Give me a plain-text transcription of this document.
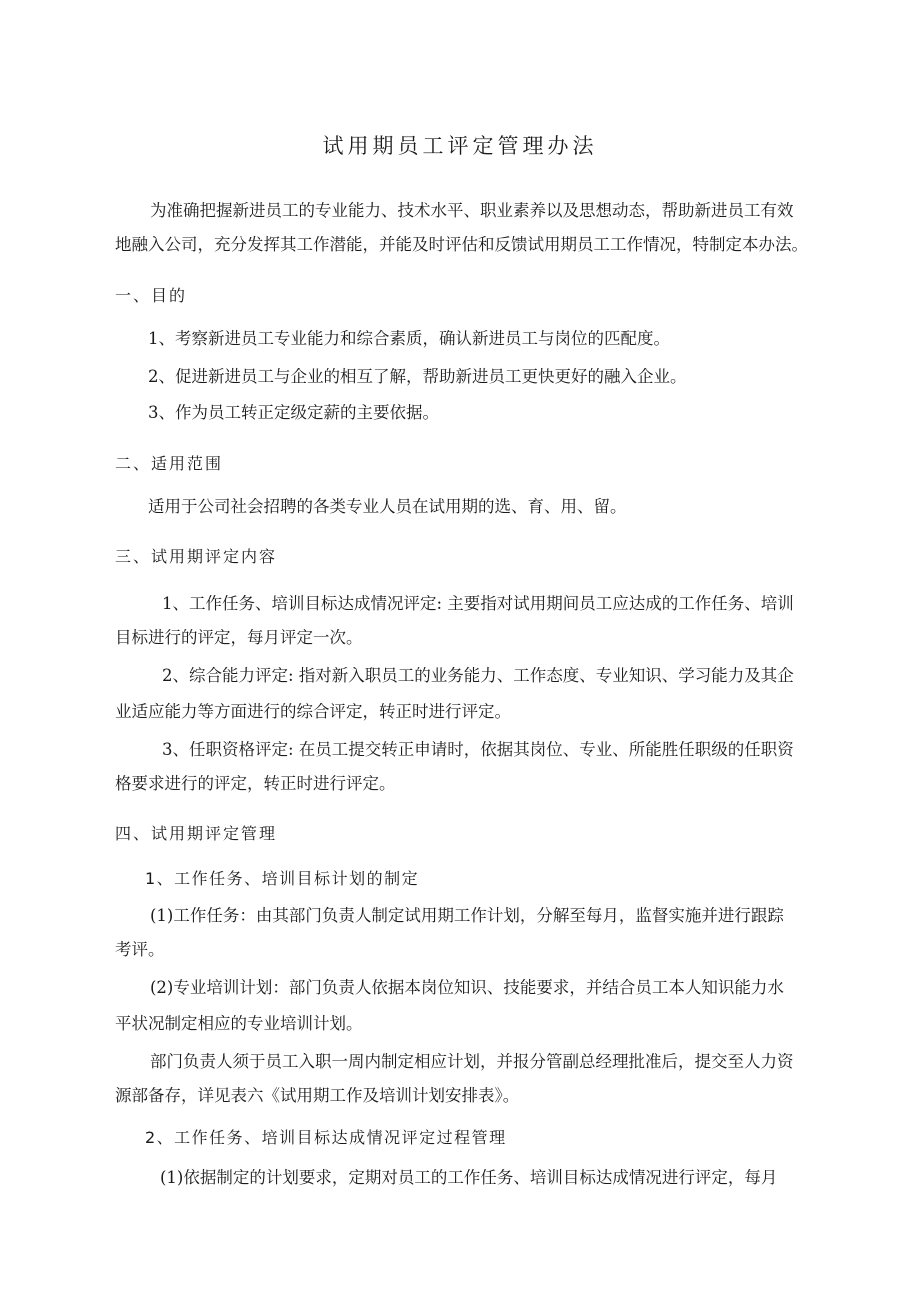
试用期员工评定管理办法
为准确把握新进员工的专业能力、技术水平、职业素养以及思想动态，帮助新进员工有效
地融入公司，充分发挥其工作潜能，并能及时评估和反馈试用期员工工作情况，特制定本办法。
一、目的
1、考察新进员工专业能力和综合素质，确认新进员工与岗位的匹配度。
2、促进新进员工与企业的相互了解，帮助新进员工更快更好的融入企业。
3、作为员工转正定级定薪的主要依据。
二、适用范围
适用于公司社会招聘的各类专业人员在试用期的选、育、用、留。
三、试用期评定内容
1、工作任务、培训目标达成情况评定: 主要指对试用期间员工应达成的工作任务、培训
目标进行的评定，每月评定一次。
2、综合能力评定: 指对新入职员工的业务能力、工作态度、专业知识、学习能力及其企
业适应能力等方面进行的综合评定，转正时进行评定。
3、任职资格评定: 在员工提交转正申请时，依据其岗位、专业、所能胜任职级的任职资
格要求进行的评定，转正时进行评定。
四、试用期评定管理
1、工作任务、培训目标计划的制定
(1)工作任务：由其部门负责人制定试用期工作计划，分解至每月，监督实施并进行跟踪
考评。
(2)专业培训计划：部门负责人依据本岗位知识、技能要求，并结合员工本人知识能力水
平状况制定相应的专业培训计划。
部门负责人须于员工入职一周内制定相应计划，并报分管副总经理批准后，提交至人力资
源部备存，详见表六《试用期工作及培训计划安排表》。
2、工作任务、培训目标达成情况评定过程管理
(1)依据制定的计划要求，定期对员工的工作任务、培训目标达成情况进行评定，每月
